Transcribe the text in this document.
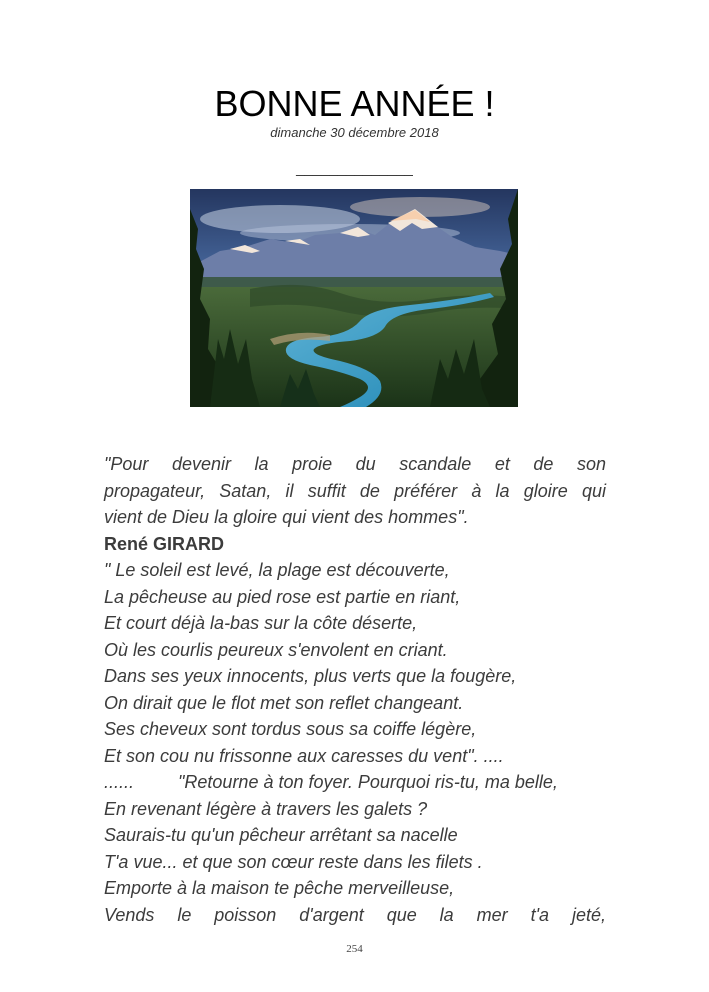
BONNE ANNÉE !
dimanche 30 décembre 2018
______________
"Pour devenir la proie du scandale et de son
propagateur, Satan, il suffit de préférer à la gloire qui
vient de Dieu la gloire qui vient des hommes".
René GIRARD
" Le soleil est levé, la plage est découverte,
La pêcheuse au pied rose est partie en riant,
Et court déjà la-bas sur la côte déserte,
Où les courlis peureux s'envolent en criant.
Dans ses yeux innocents, plus verts que la fougère,
On dirait que le flot met son reflet changeant.
Ses cheveux sont tordus sous sa coiffe légère,
Et son cou nu frissonne aux caresses du vent". ....
...... "Retourne à ton foyer. Pourquoi ris-tu, ma belle,
En revenant légère à travers les galets ?
Saurais-tu qu'un pêcheur arrêtant sa nacelle
T'a vue... et que son cœur reste dans les filets .
Emporte à la maison te pêche merveilleuse,
Vends le poisson d'argent que la mer t'a jeté,
254
